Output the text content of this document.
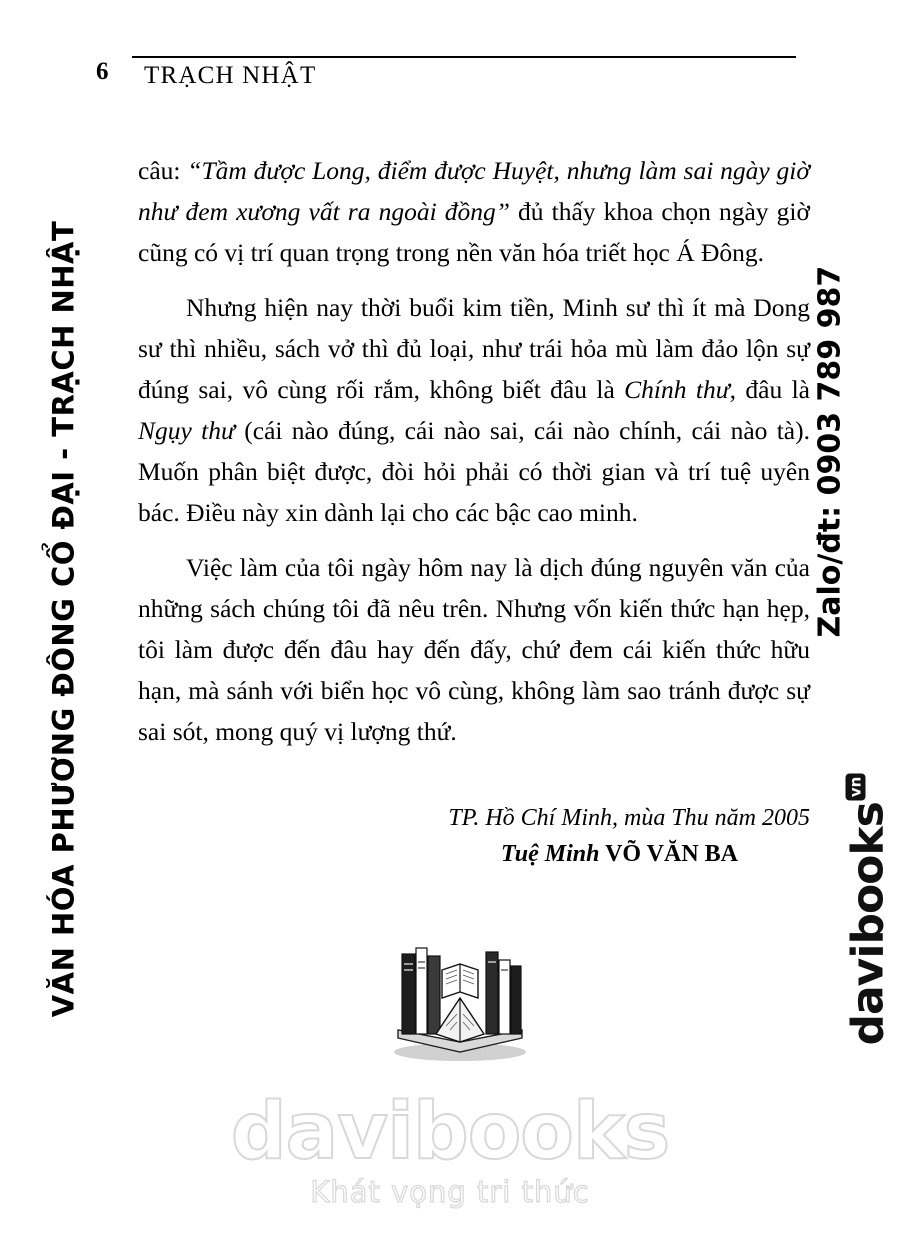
VĂN HÓA PHƯƠNG ĐÔNG CỔ ĐẠI - TRẠCH NHẬT	Zalo/đt: 0903 789 987
davibooksvn
6 TRẠCH NHẬT

câu: “Tầm được Long, điểm được Huyệt, nhưng làm sai ngày giờ như đem xương vất ra ngoài đồng” đủ thấy khoa chọn ngày giờ cũng có vị trí quan trọng trong nền văn hóa triết học Á Đông.

Nhưng hiện nay thời buổi kim tiền, Minh sư thì ít mà Dong sư thì nhiều, sách vở thì đủ loại, như trái hỏa mù làm đảo lộn sự đúng sai, vô cùng rối rắm, không biết đâu là Chính thư, đâu là Ngụy thư (cái nào đúng, cái nào sai, cái nào chính, cái nào tà). Muốn phân biệt được, đòi hỏi phải có thời gian và trí tuệ uyên bác. Điều này xin dành lại cho các bậc cao minh.

Việc làm của tôi ngày hôm nay là dịch đúng nguyên văn của những sách chúng tôi đã nêu trên. Nhưng vốn kiến thức hạn hẹp, tôi làm được đến đâu hay đến đấy, chứ đem cái kiến thức hữu hạn, mà sánh với biển học vô cùng, không làm sao tránh được sự sai sót, mong quý vị lượng thứ.

TP. Hồ Chí Minh, mùa Thu năm 2005
Tuệ Minh VÕ VĂN BA
davibooks
Khát vọng tri thức
